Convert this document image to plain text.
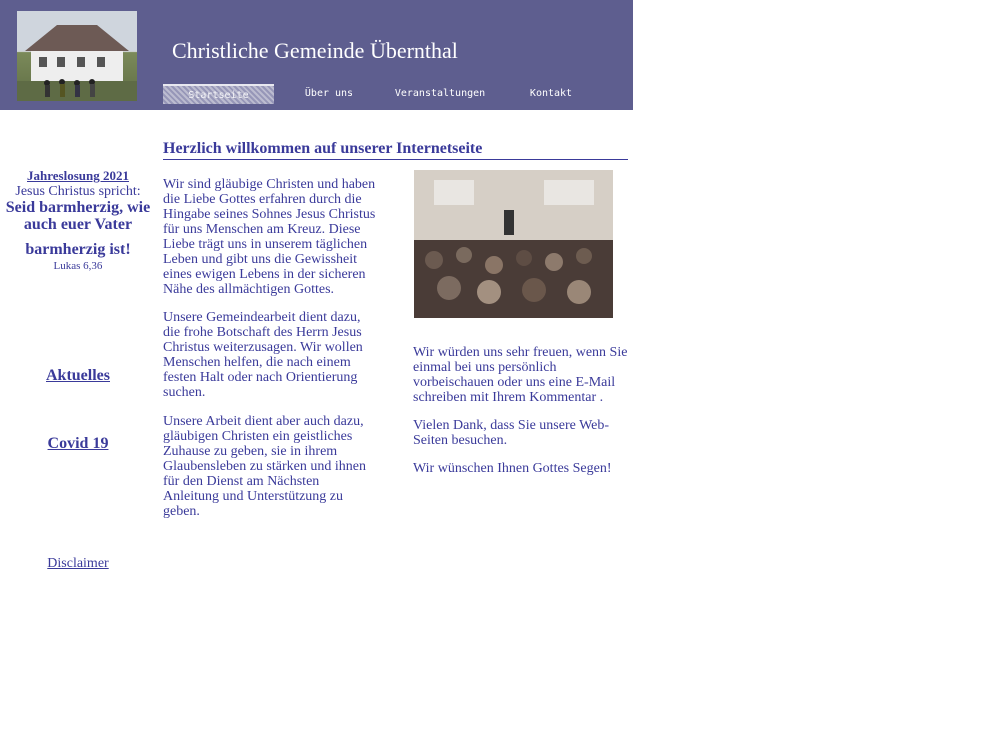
Christliche Gemeinde Übernthal
Startseite	Über uns	Veranstaltungen	Kontakt
Jahreslosung 2021
Jesus Christus spricht:
Seid barmherzig, wie auch euer Vater
barmherzig ist!
Lukas 6,36
Aktuelles
Covid 19
Disclaimer
Herzlich willkommen auf unserer Internetseite
Wir sind gläubige Christen und haben die Liebe Gottes erfahren durch die Hingabe seines Sohnes Jesus Christus für uns Menschen am Kreuz. Diese Liebe trägt uns in unserem täglichen Leben und gibt uns die Gewissheit eines ewigen Lebens in der sicheren Nähe des allmächtigen Gottes.
Unsere Gemeindearbeit dient dazu, die frohe Botschaft des Herrn Jesus Christus weiterzusagen. Wir wollen Menschen helfen, die nach einem festen Halt oder nach Orientierung suchen.
Unsere Arbeit dient aber auch dazu, gläubigen Christen ein geistliches Zuhause zu geben, sie in ihrem Glaubensleben zu stärken und ihnen für den Dienst am Nächsten Anleitung und Unterstützung zu geben.
Wir würden uns sehr freuen, wenn Sie einmal bei uns persönlich vorbeischauen oder uns eine E-Mail schreiben mit Ihrem Kommentar .
Vielen Dank, dass Sie unsere Web-Seiten besuchen.
Wir wünschen Ihnen Gottes Segen!
